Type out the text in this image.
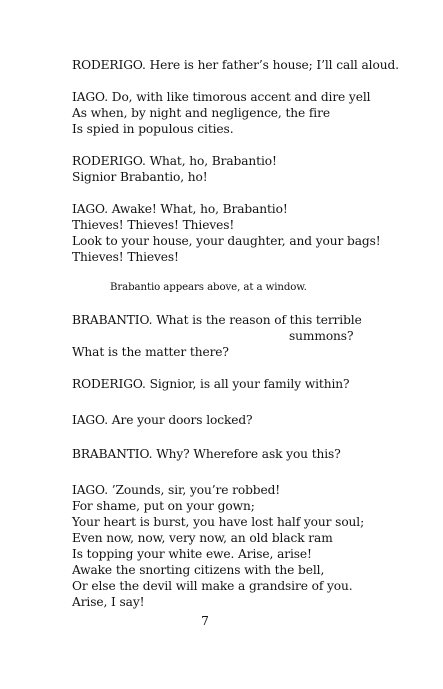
RODERIGO. Here is her father’s house; I’ll call aloud.
IAGO. Do, with like timorous accent and dire yell
As when, by night and negligence, the fire
Is spied in populous cities.
RODERIGO. What, ho, Brabantio!
Signior Brabantio, ho!
IAGO. Awake! What, ho, Brabantio!
Thieves! Thieves! Thieves!
Look to your house, your daughter, and your bags!
Thieves! Thieves!
Brabantio appears above, at a window.
BRABANTIO. What is the reason of this terrible
summons?
What is the matter there?
RODERIGO. Signior, is all your family within?
IAGO. Are your doors locked?
BRABANTIO. Why? Wherefore ask you this?
IAGO. ’Zounds, sir, you’re robbed!
For shame, put on your gown;
Your heart is burst, you have lost half your soul;
Even now, now, very now, an old black ram
Is topping your white ewe. Arise, arise!
Awake the snorting citizens with the bell,
Or else the devil will make a grandsire of you.
Arise, I say!
7
